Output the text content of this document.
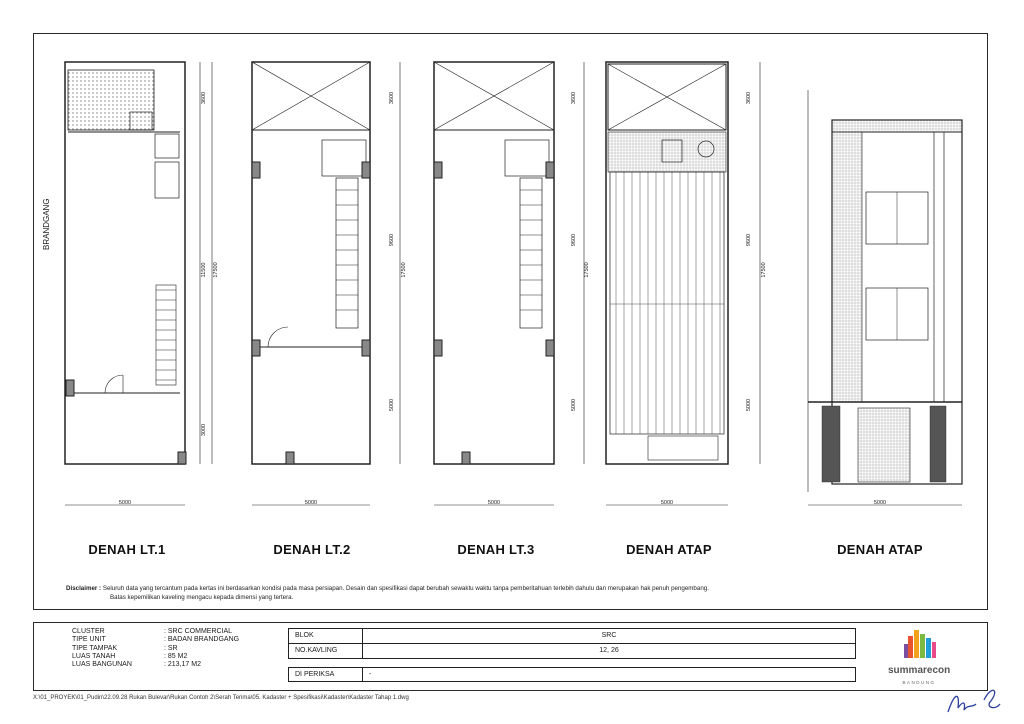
5000	5000	5000	5000	5000
3600
11500 17500
3000
3600
9600
17500
5000
3600
9600
17500
5000
3600
9600
17500
5000
BRANDGANG
DENAH LT.1	DENAH LT.2	DENAH LT.3	DENAH ATAP	DENAH ATAP
Disclaimer : Seluruh data yang tercantum pada kertas ini berdasarkan kondisi pada masa persiapan. Desain dan spesifikasi dapat berubah sewaktu waktu tanpa pemberitahuan terlebih dahulu dan merupakan hak penuh pengembang.
Batas kepemilikan kaveling mengacu kepada dimensi yang tertera.
CLUSTER	: SRC COMMERCIAL
TIPE UNIT	: BADAN BRANDGANG
TIPE TAMPAK	: SR
LUAS TANAH	: 85 M2
LUAS BANGUNAN	: 213,17 M2
BLOK	SRC
NO.KAVLING	12, 26
DI PERIKSA	-	summarecon
BANDUNG
X:\01_PROYEK\01_Pudin\22.09.28 Rukan Bulevar\Rukan Contoh 2\Serah Terima\05. Kadaster + Spesifikasi\Kadaster\Kadaster Tahap 1.dwg
